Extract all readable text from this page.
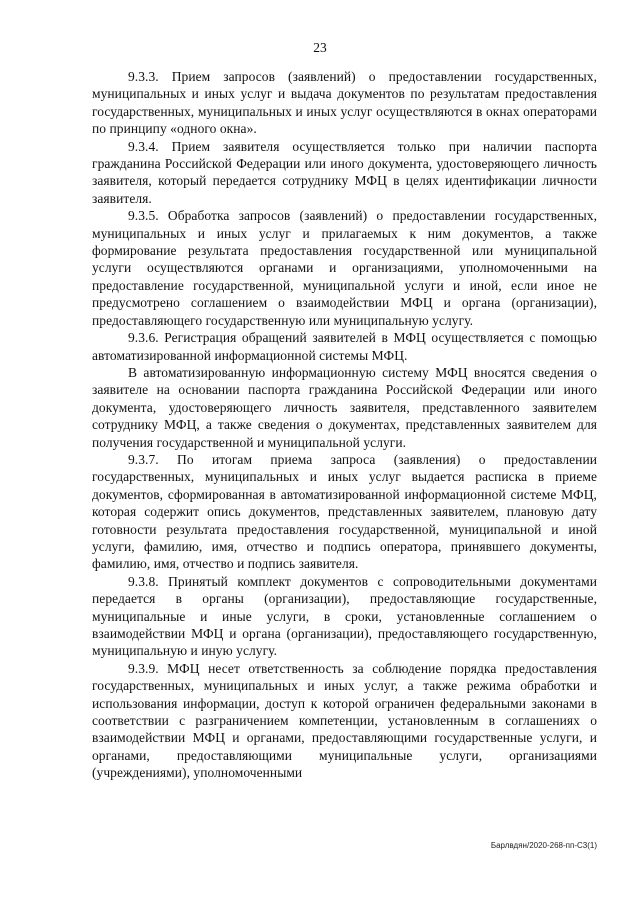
23

9.3.3. Прием запросов (заявлений) о предоставлении государственных, муниципальных и иных услуг и выдача документов по результатам предоставления государственных, муниципальных и иных услуг осуществляются в окнах операторами по принципу «одного окна».

9.3.4. Прием заявителя осуществляется только при наличии паспорта гражданина Российской Федерации или иного документа, удостоверяющего личность заявителя, который передается сотруднику МФЦ в целях идентификации личности заявителя.

9.3.5. Обработка запросов (заявлений) о предоставлении государственных, муниципальных и иных услуг и прилагаемых к ним документов, а также формирование результата предоставления государственной или муниципальной услуги осуществляются органами и организациями, уполномоченными на предоставление государственной, муниципальной услуги и иной, если иное не предусмотрено соглашением о взаимодействии МФЦ и органа (организации), предоставляющего государственную или муниципальную услугу.

9.3.6. Регистрация обращений заявителей в МФЦ осуществляется с помощью автоматизированной информационной системы МФЦ.

В автоматизированную информационную систему МФЦ вносятся сведения о заявителе на основании паспорта гражданина Российской Федерации или иного документа, удостоверяющего личность заявителя, представленного заявителем сотруднику МФЦ, а также сведения о документах, представленных заявителем для получения государственной и муниципальной услуги.

9.3.7. По итогам приема запроса (заявления) о предоставлении государственных, муниципальных и иных услуг выдается расписка в приеме документов, сформированная в автоматизированной информационной системе МФЦ, которая содержит опись документов, представленных заявителем, плановую дату готовности результата предоставления государственной, муниципальной и иной услуги, фамилию, имя, отчество и подпись оператора, принявшего документы, фамилию, имя, отчество и подпись заявителя.

9.3.8. Принятый комплект документов с сопроводительными документами передается в органы (организации), предоставляющие государственные, муниципальные и иные услуги, в сроки, установленные соглашением о взаимодействии МФЦ и органа (организации), предоставляющего государственную, муниципальную и иную услугу.

9.3.9. МФЦ несет ответственность за соблюдение порядка предоставления государственных, муниципальных и иных услуг, а также режима обработки и использования информации, доступ к которой ограничен федеральными законами в соответствии с разграничением компетенции, установленным в соглашениях о взаимодействии МФЦ и органами, предоставляющими государственные услуги, и органами, предоставляющими муниципальные услуги, организациями (учреждениями), уполномоченными

Барлвдян/2020-268-пп-С3(1)
